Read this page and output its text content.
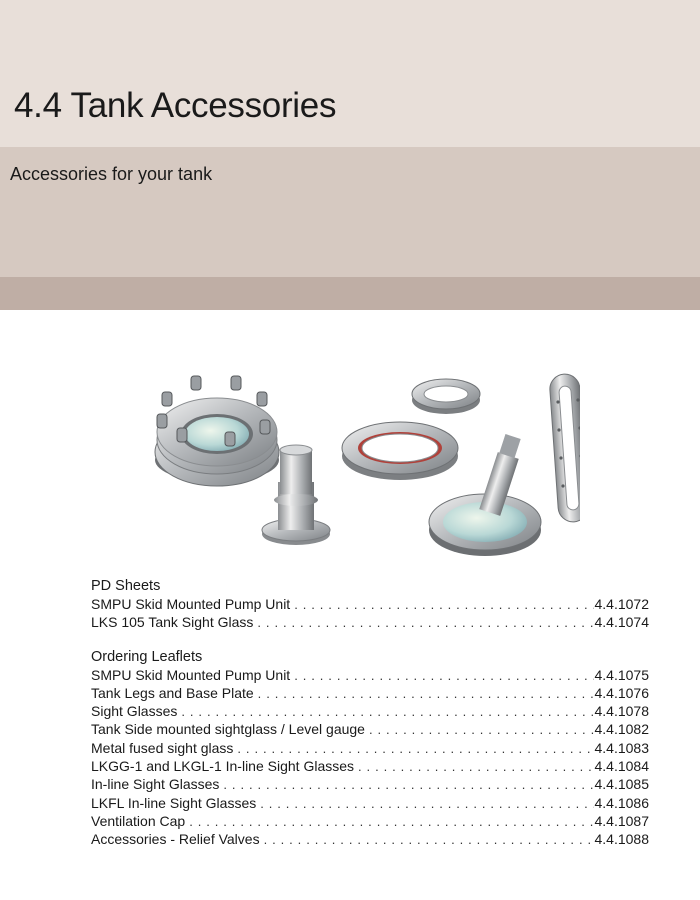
4.4 Tank Accessories

Accessories for your tank

PD Sheets
SMPU Skid Mounted Pump Unit . . .	4.4.1072
LKS 105 Tank Sight Glass . . .	4.4.1074
Ordering Leaflets
SMPU Skid Mounted Pump Unit . . .	4.4.1075
Tank Legs and Base Plate . . .	4.4.1076
Sight Glasses . . .	4.4.1078
Tank Side mounted sightglass / Level gauge . . .	4.4.1082
Metal fused sight glass . . .	4.4.1083
LKGG-1 and LKGL-1 In-line Sight Glasses . . .	4.4.1084
In-line Sight Glasses . . .	4.4.1085
LKFL In-line Sight Glasses . . .	4.4.1086
Ventilation Cap . . .	4.4.1087
Accessories - Relief Valves . . .	4.4.1088
